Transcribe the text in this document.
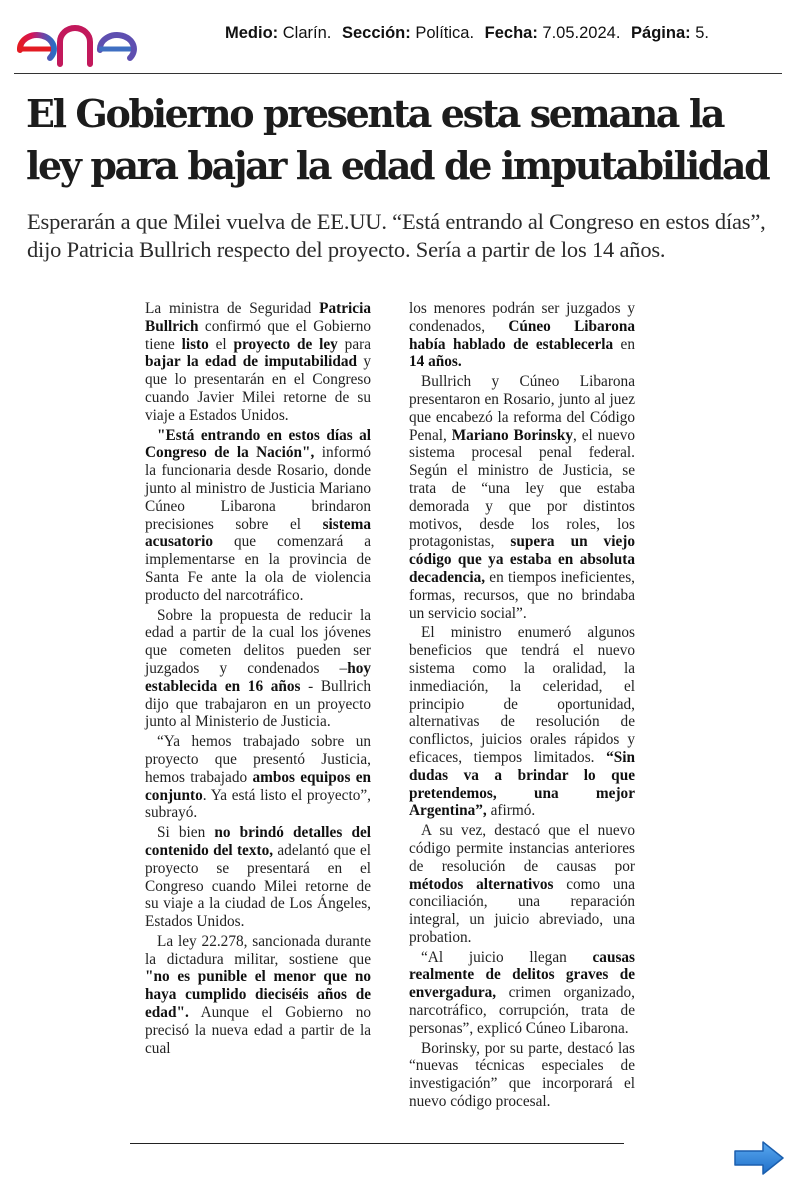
enel
Medio: Clarín. Sección: Política. Fecha: 7.05.2024. Página: 5.
El Gobierno presenta esta semana la ley para bajar la edad de imputabilidad

Esperarán a que Milei vuelva de EE.UU. “Está entrando al Congreso en estos días”, dijo Patricia Bullrich respecto del proyecto. Sería a partir de los 14 años.

La ministra de Seguridad Patricia Bullrich confirmó que el Gobierno tiene listo el proyecto de ley para bajar la edad de imputabilidad y que lo presentarán en el Congreso cuando Javier Milei retorne de su viaje a Estados Unidos.

"Está entrando en estos días al Congreso de la Nación", informó la funcionaria desde Rosario, donde junto al ministro de Justicia Mariano Cúneo Libarona brindaron precisiones sobre el sistema acusatorio que comenzará a implementarse en la provincia de Santa Fe ante la ola de violencia producto del narcotráfico.

Sobre la propuesta de reducir la edad a partir de la cual los jóvenes que cometen delitos pueden ser juzgados y condenados –hoy establecida en 16 años - Bullrich dijo que trabajaron en un proyecto junto al Ministerio de Justicia.

“Ya hemos trabajado sobre un proyecto que presentó Justicia, hemos trabajado ambos equipos en conjunto. Ya está listo el proyecto”, subrayó.

Si bien no brindó detalles del contenido del texto, adelantó que el proyecto se presentará en el Congreso cuando Milei retorne de su viaje a la ciudad de Los Ángeles, Estados Unidos.

La ley 22.278, sancionada durante la dictadura militar, sostiene que "no es punible el menor que no haya cumplido dieciséis años de edad". Aunque el Gobierno no precisó la nueva edad a partir de la cual

los menores podrán ser juzgados y condenados, Cúneo Libarona había hablado de establecerla en 14 años.

Bullrich y Cúneo Libarona presentaron en Rosario, junto al juez que encabezó la reforma del Código Penal, Mariano Borinsky, el nuevo sistema procesal penal federal. Según el ministro de Justicia, se trata de “una ley que estaba demorada y que por distintos motivos, desde los roles, los protagonistas, supera un viejo código que ya estaba en absoluta decadencia, en tiempos ineficientes, formas, recursos, que no brindaba un servicio social”.

El ministro enumeró algunos beneficios que tendrá el nuevo sistema como la oralidad, la inmediación, la celeridad, el principio de oportunidad, alternativas de resolución de conflictos, juicios orales rápidos y eficaces, tiempos limitados. “Sin dudas va a brindar lo que pretendemos, una mejor Argentina”, afirmó.

A su vez, destacó que el nuevo código permite instancias anteriores de resolución de causas por métodos alternativos como una conciliación, una reparación integral, un juicio abreviado, una probation.

“Al juicio llegan causas realmente de delitos graves de envergadura, crimen organizado, narcotráfico, corrupción, trata de personas”, explicó Cúneo Libarona.

Borinsky, por su parte, destacó las “nuevas técnicas especiales de investigación” que incorporará el nuevo código procesal.
